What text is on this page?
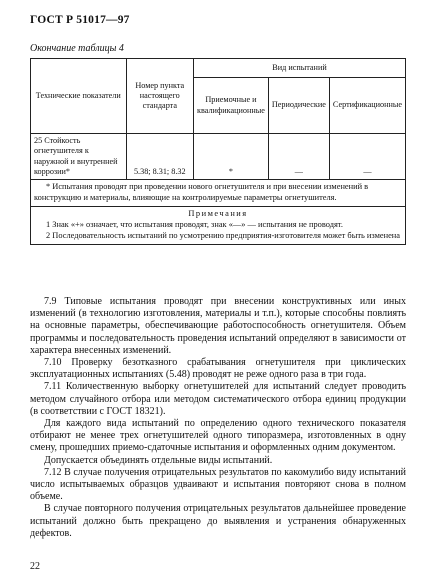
ГОСТ Р 51017—97
Окончание таблицы 4
Технические показатели	Номер пункта настоящего стандарта	Вид испытаний		
		Приемочные и квалификационные	Периодические	Сертификационные
25 Стойкость огнетушителя к наружной и внутренней коррозии*	5.38; 8.31; 8.32	*	—	—
* Испытания проводят при проведении нового огнетушителя и при внесении изменений в конструкцию и материалы, влияющие на контролируемые параметры огнетушителя.				

Примечания
1 Знак «+» означает, что испытания проводят, знак «—» — испытания не проводят.
2 Последовательность испытаний по усмотрению предприятия-изготовителя может быть изменена				

7.9 Типовые испытания проводят при внесении конструктивных или иных изменений (в технологию изготовления, материалы и т.п.), которые способны повлиять на основные параметры, обеспечивающие работоспособность огнетушителя. Объем программы и последовательность проведения испытаний определяют в зависимости от характера внесенных изменений.

7.10 Проверку безотказного срабатывания огнетушителя при циклических эксплуатационных испытаниях (5.48) проводят не реже одного раза в три года.

7.11 Количественную выборку огнетушителей для испытаний следует проводить методом случайного отбора или методом систематического отбора единиц продукции (в соответствии с ГОСТ 18321).

Для каждого вида испытаний по определению одного технического показателя отбирают не менее трех огнетушителей одного типоразмера, изготовленных в одну смену, прошедших приемо-сдаточные испытания и оформленных одним документом.

Допускается объединять отдельные виды испытаний.

7.12 В случае получения отрицательных результатов по какомулибо виду испытаний число испытываемых образцов удваивают и испытания повторяют снова в полном объеме.

В случае повторного получения отрицательных результатов дальнейшее проведение испытаний должно быть прекращено до выявления и устранения обнаруженных дефектов.

22
